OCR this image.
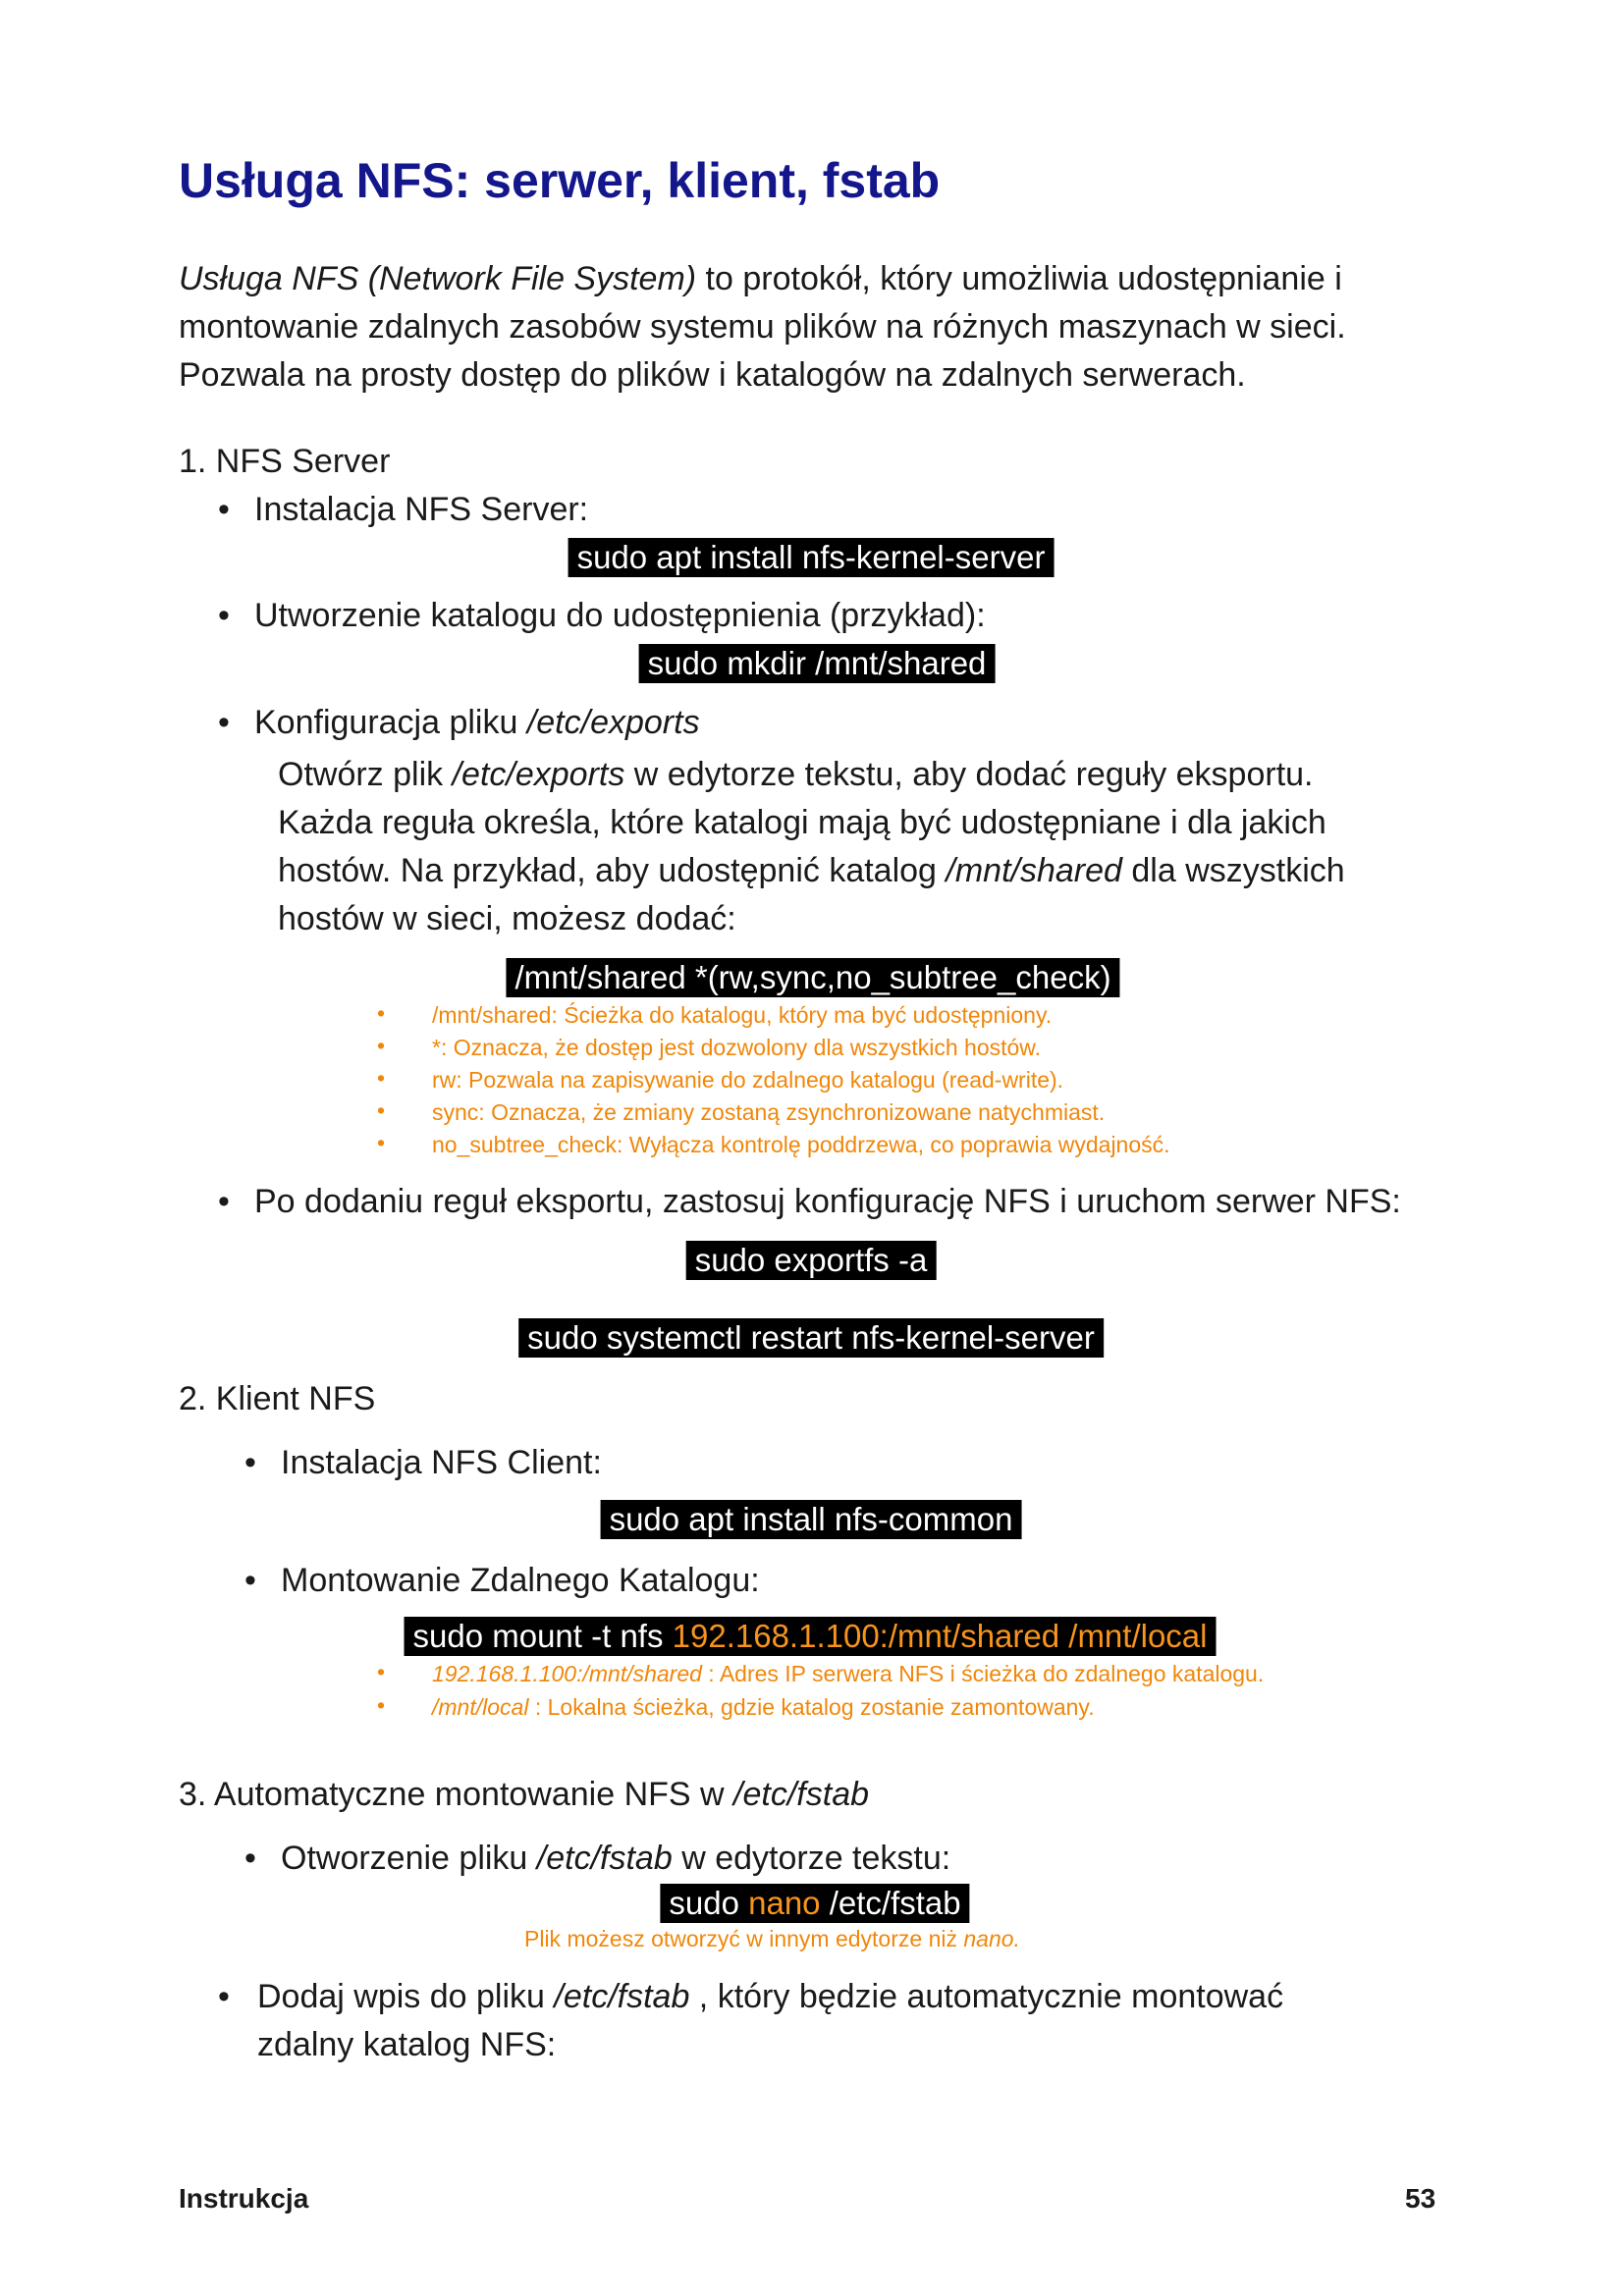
Usługa NFS: serwer, klient, fstab
Usługa NFS (Network File System) to protokół, który umożliwia udostępnianie i
montowanie zdalnych zasobów systemu plików na różnych maszynach w sieci.
Pozwala na prosty dostęp do plików i katalogów na zdalnych serwerach.
1. NFS Server
• Instalacja NFS Server:
sudo apt install nfs-kernel-server
• Utworzenie katalogu do udostępnienia (przykład):
sudo mkdir /mnt/shared
• Konfiguracja pliku /etc/exports
Otwórz plik /etc/exports w edytorze tekstu, aby dodać reguły eksportu.
Każda reguła określa, które katalogi mają być udostępniane i dla jakich
hostów. Na przykład, aby udostępnić katalog /mnt/shared dla wszystkich
hostów w sieci, możesz dodać:
/mnt/shared *(rw,sync,no_subtree_check)
• /mnt/shared: Ścieżka do katalogu, który ma być udostępniony.
• *: Oznacza, że dostęp jest dozwolony dla wszystkich hostów.
• rw: Pozwala na zapisywanie do zdalnego katalogu (read-write).
• sync: Oznacza, że zmiany zostaną zsynchronizowane natychmiast.
• no_subtree_check: Wyłącza kontrolę poddrzewa, co poprawia wydajność.
• Po dodaniu reguł eksportu, zastosuj konfigurację NFS i uruchom serwer NFS:
sudo exportfs -a
sudo systemctl restart nfs-kernel-server
2. Klient NFS
• Instalacja NFS Client:
sudo apt install nfs-common
• Montowanie Zdalnego Katalogu:
sudo mount -t nfs 192.168.1.100:/mnt/shared /mnt/local
• 192.168.1.100:/mnt/shared : Adres IP serwera NFS i ścieżka do zdalnego katalogu.
• /mnt/local : Lokalna ścieżka, gdzie katalog zostanie zamontowany.
3. Automatyczne montowanie NFS w /etc/fstab
• Otworzenie pliku /etc/fstab w edytorze tekstu:
sudo nano /etc/fstab
Plik możesz otworzyć w innym edytorze niż nano.
• Dodaj wpis do pliku /etc/fstab , który będzie automatycznie montować
zdalny katalog NFS:
Instrukcja	53
